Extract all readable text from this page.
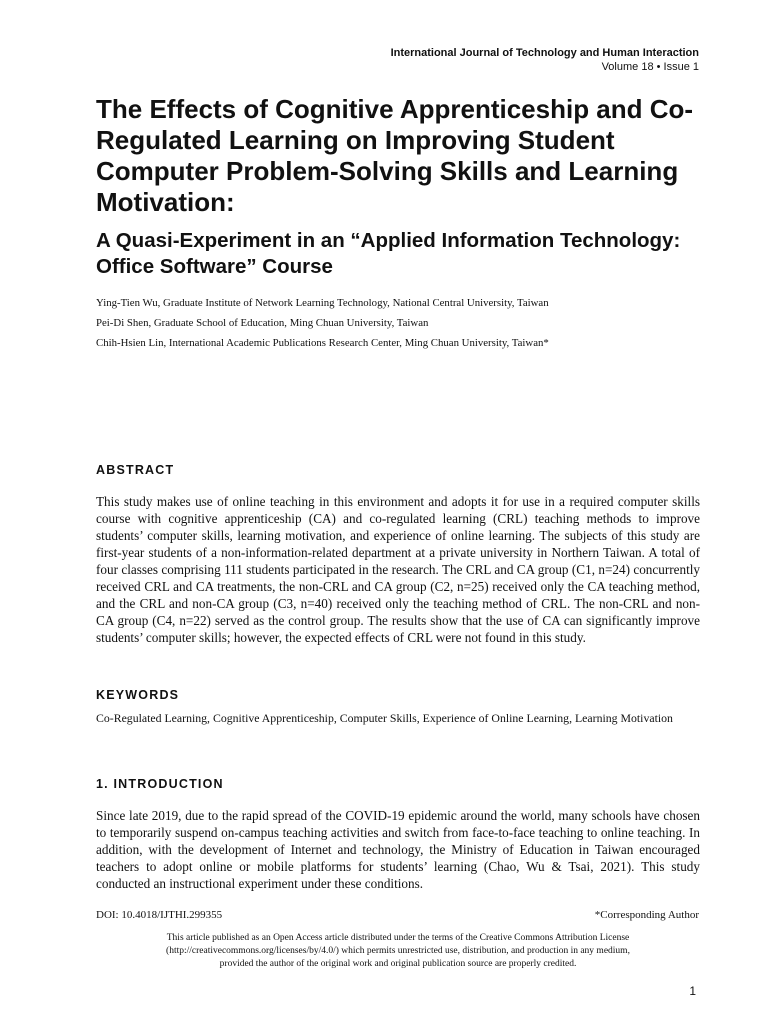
International Journal of Technology and Human Interaction
Volume 18 • Issue 1
The Effects of Cognitive Apprenticeship and Co-Regulated Learning on Improving Student Computer Problem-Solving Skills and Learning Motivation:
A Quasi-Experiment in an “Applied Information Technology: Office Software” Course
Ying-Tien Wu, Graduate Institute of Network Learning Technology, National Central University, Taiwan
Pei-Di Shen, Graduate School of Education, Ming Chuan University, Taiwan
Chih-Hsien Lin, International Academic Publications Research Center, Ming Chuan University, Taiwan*
ABSTRACT

This study makes use of online teaching in this environment and adopts it for use in a required computer skills course with cognitive apprenticeship (CA) and co-regulated learning (CRL) teaching methods to improve students’ computer skills, learning motivation, and experience of online learning. The subjects of this study are first-year students of a non-information-related department at a private university in Northern Taiwan. A total of four classes comprising 111 students participated in the research. The CRL and CA group (C1, n=24) concurrently received CRL and CA treatments, the non-CRL and CA group (C2, n=25) received only the CA teaching method, and the CRL and non-CA group (C3, n=40) received only the teaching method of CRL. The non-CRL and non-CA group (C4, n=22) served as the control group. The results show that the use of CA can significantly improve students’ computer skills; however, the expected effects of CRL were not found in this study.

KEYWORDS

Co-Regulated Learning, Cognitive Apprenticeship, Computer Skills, Experience of Online Learning, Learning Motivation

1. INTRODUCTION

Since late 2019, due to the rapid spread of the COVID-19 epidemic around the world, many schools have chosen to temporarily suspend on-campus teaching activities and switch from face-to-face teaching to online teaching. In addition, with the development of Internet and technology, the Ministry of Education in Taiwan encouraged teachers to adopt online or mobile platforms for students’ learning (Chao, Wu & Tsai, 2021). This study conducted an instructional experiment under these conditions.

DOI: 10.4018/IJTHI.299355	*Corresponding Author
This article published as an Open Access article distributed under the terms of the Creative Commons Attribution License
(http://creativecommons.org/licenses/by/4.0/) which permits unrestricted use, distribution, and production in any medium,
provided the author of the original work and original publication source are properly credited.
1
